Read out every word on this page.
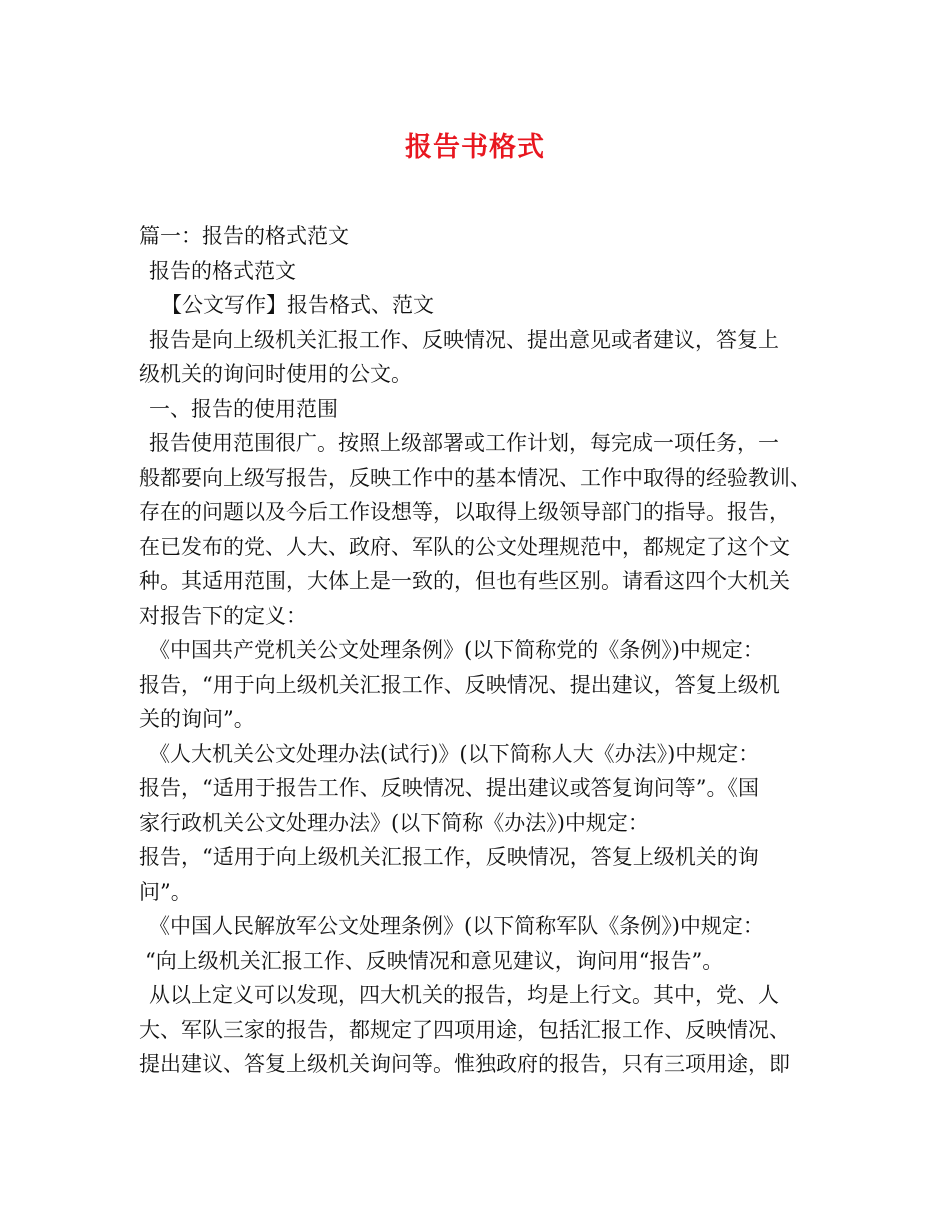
报告书格式
篇一：报告的格式范文
报告的格式范文
【公文写作】报告格式、范文
报告是向上级机关汇报工作、反映情况、提出意见或者建议，答复上
级机关的询问时使用的公文。
一、报告的使用范围
报告使用范围很广。按照上级部署或工作计划，每完成一项任务，一
般都要向上级写报告，反映工作中的基本情况、工作中取得的经验教训、
存在的问题以及今后工作设想等，以取得上级领导部门的指导。报告，
在已发布的党、人大、政府、军队的公文处理规范中，都规定了这个文
种。其适用范围，大体上是一致的，但也有些区别。请看这四个大机关
对报告下的定义：
《中国共产党机关公文处理条例》(以下简称党的《条例》)中规定：
报告，“用于向上级机关汇报工作、反映情况、提出建议，答复上级机
关的询问”。
《人大机关公文处理办法(试行)》(以下简称人大《办法》)中规定：
报告，“适用于报告工作、反映情况、提出建议或答复询问等”。《国
家行政机关公文处理办法》(以下简称《办法》)中规定：
报告，“适用于向上级机关汇报工作，反映情况，答复上级机关的询
问”。
《中国人民解放军公文处理条例》(以下简称军队《条例》)中规定：
“向上级机关汇报工作、反映情况和意见建议，询问用“报告”。
从以上定义可以发现，四大机关的报告，均是上行文。其中，党、人
大、军队三家的报告，都规定了四项用途，包括汇报工作、反映情况、
提出建议、答复上级机关询问等。惟独政府的报告，只有三项用途，即
